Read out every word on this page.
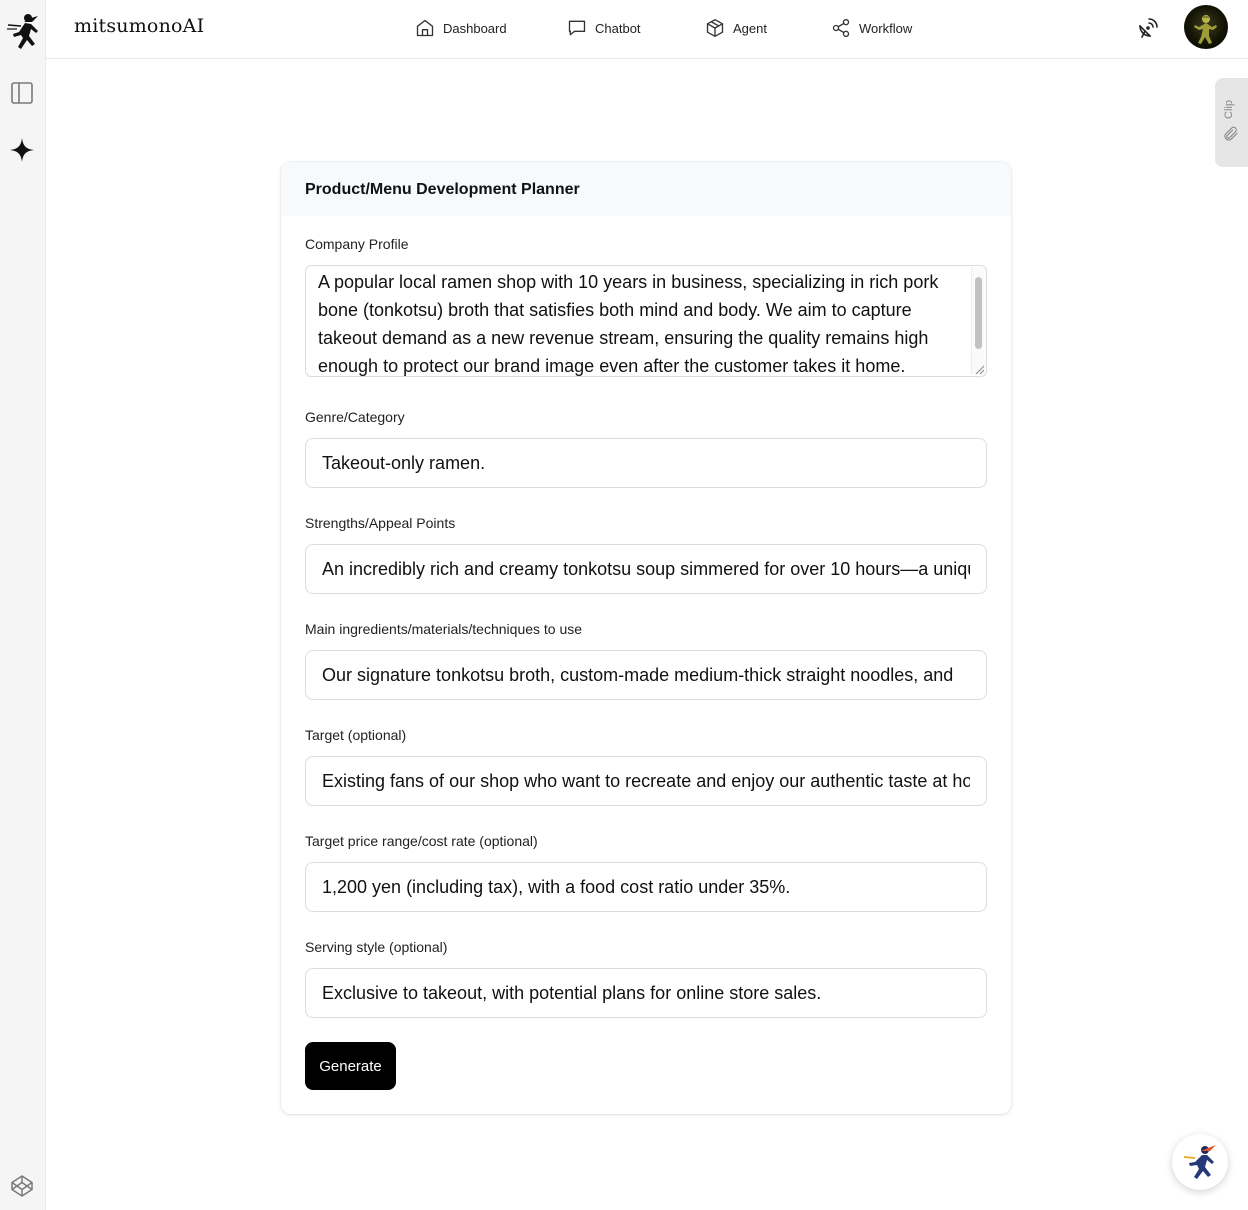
mitsumonoAI	Dashboard	Chatbot	Agent	Workflow
Clip
Product/Menu Development Planner
Company Profile
A popular local ramen shop with 10 years in business, specializing in rich pork bone (tonkotsu) broth that satisfies both mind and body. We aim to capture takeout demand as a new revenue stream, ensuring the quality remains high enough to protect our brand image even after the customer takes it home.
Genre/Category
Takeout-only ramen.
Strengths/Appeal Points
An incredibly rich and creamy tonkotsu soup simmered for over 10 hours—a uniqu
Main ingredients/materials/techniques to use
Our signature tonkotsu broth, custom-made medium-thick straight noodles, and
Target (optional)
Existing fans of our shop who want to recreate and enjoy our authentic taste at ho
Target price range/cost rate (optional)
1,200 yen (including tax), with a food cost ratio under 35%.
Serving style (optional)
Exclusive to takeout, with potential plans for online store sales.
Generate
